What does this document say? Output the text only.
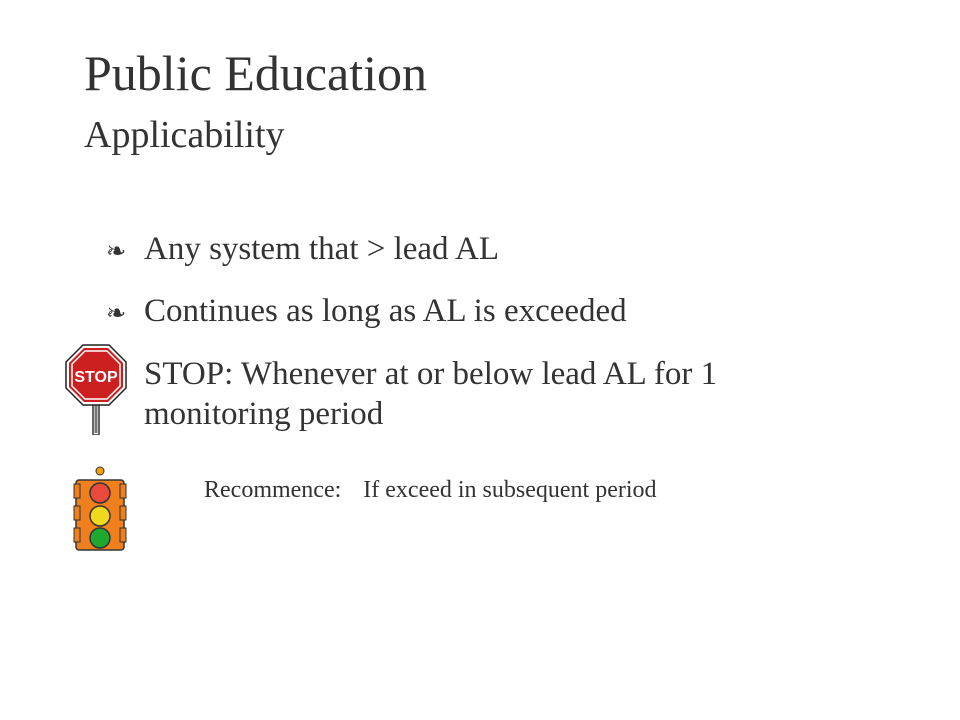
Public Education
Applicability
❧ Any system that > lead AL
❧ Continues as long as AL is exceeded
STOP STOP: Whenever at or below lead AL for 1
monitoring period
Recommence: If exceed in subsequent period
